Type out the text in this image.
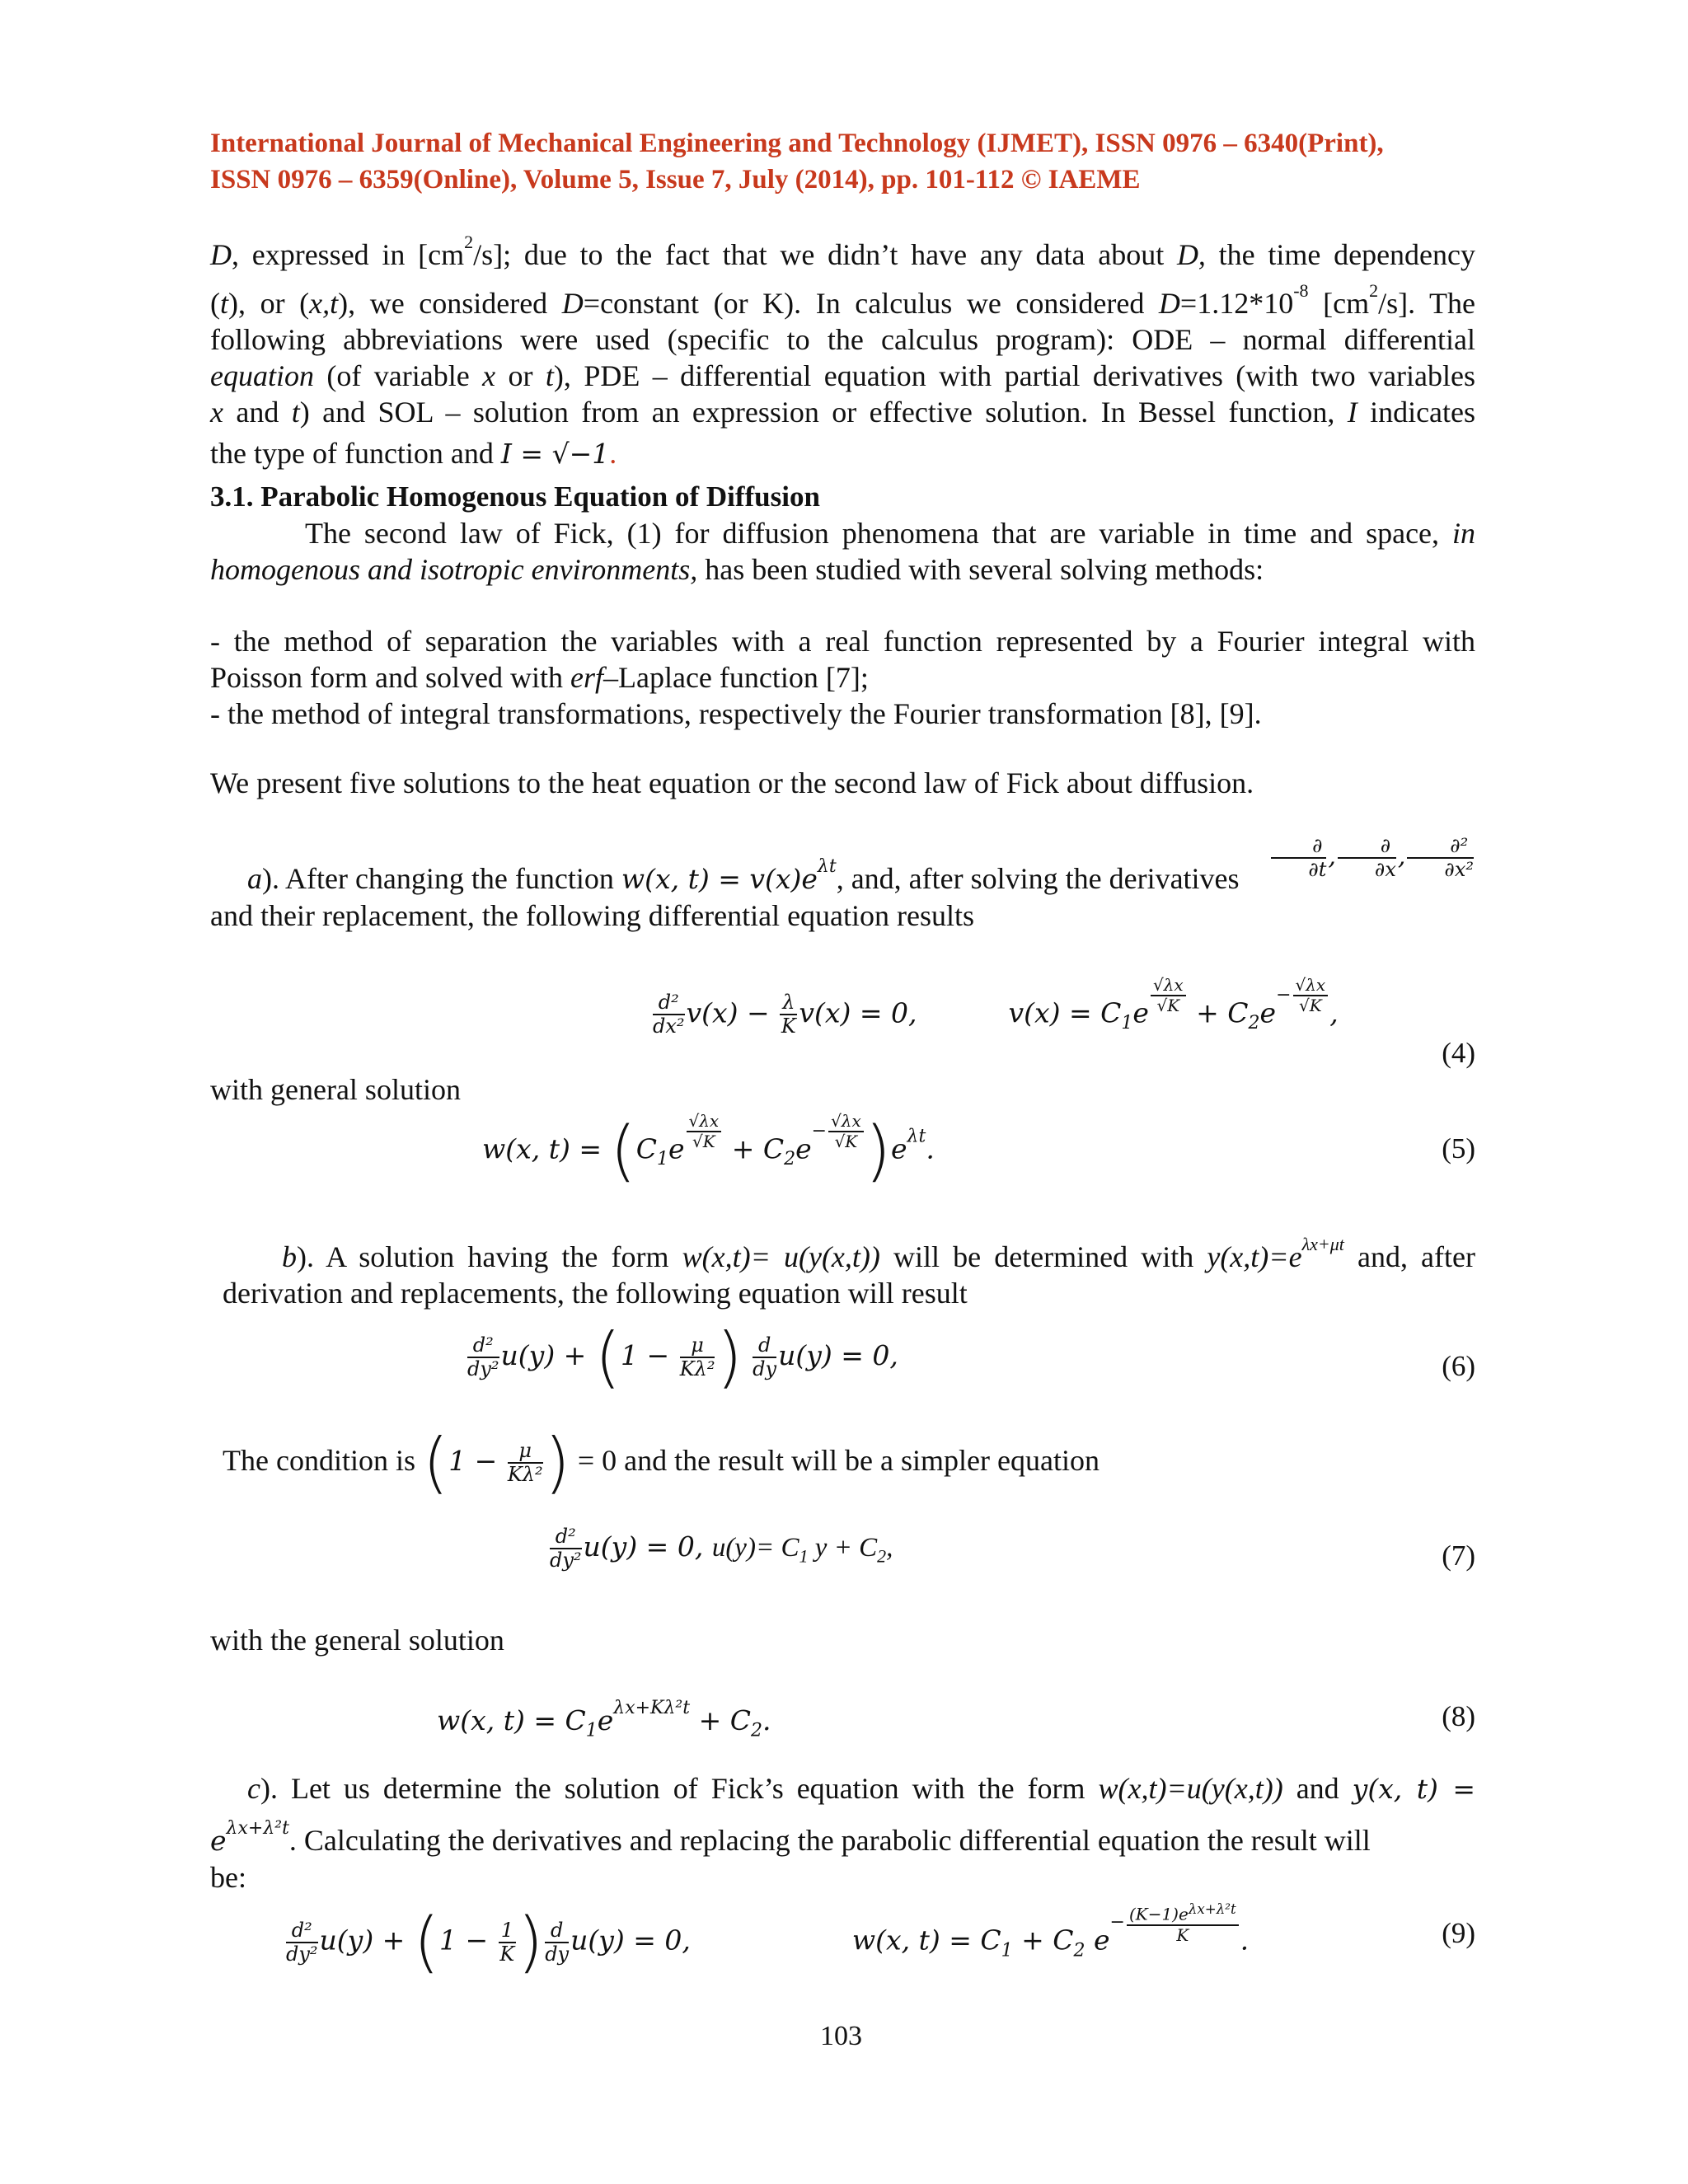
International Journal of Mechanical Engineering and Technology (IJMET), ISSN 0976 – 6340(Print),
ISSN 0976 – 6359(Online), Volume 5, Issue 7, July (2014), pp. 101-112 © IAEME

D, expressed in $[cm^2/s]$; due to the fact that we didn’t have any data about D, the time dependency

(t), or (x,t), we considered D=constant (or K). In calculus we considered $D=1.12*10^{-8}$ $[cm^2/s]$. The

following abbreviations were used (specific to the calculus program): ODE – normal differential

equation (of variable x or t), PDE – differential equation with partial derivatives (with two variables

x and t) and SOL – solution from an expression or effective solution. In Bessel function, I indicates

the type of function and I = √−1.

3.1. Parabolic Homogenous Equation of Diffusion

The second law of Fick, (1) for diffusion phenomena that are variable in time and space, in

homogenous and isotropic environments, has been studied with several solving methods:

- the method of separation the variables with a real function represented by a Fourier integral with

Poisson form and solved with erf–Laplace function [7];

- the method of integral transformations, respectively the Fourier transformation [8], [9].

We present five solutions to the heat equation or the second law of Fick about diffusion.

a). After changing the function w(x, $t) = v(x)e^{\lambda t}$, and, after solving the derivatives $\frac{\partial}{\partial t}$ , $\frac{\partial}{\partial x}$ , $\frac{\text{∂²}}{\text{∂x²}}$

and their replacement, the following differential equation results

$\frac{\text{d²}}{\text{dx²}} v(x) - \frac{\lambda}{K} v(x) = 0$,	$v(x) = C_1e$ $^{\frac{√\lambda x}{√K}} + C_2e^{- \frac{√\lambda x}{√K}}$ ,
(4)
with general solution
w(x, $t) = (C_1e$ $^{\frac{√\lambda x}{√K}} + C_2e^{- \frac{√\lambda x}{√K}}$ )$e^{\lambda t}$.	(5)

b). A solution having the form w(x,t)= u(y(x,t)) will be determined with $y(x,t)=e^{\lambda x+\mu t}$ and, after

derivation and replacements, the following equation will result

$\frac{\text{d²}}{\text{dy²}} u(y) + (1 - \frac{\mu}{\text{Kλ²}}$ ) $\frac{d}{dy} u(y) = 0$,	(6)
The condition is ($1 - \frac{\mu}{\text{Kλ²}}$ ) = 0 and the result will be a simpler equation
$\frac{\text{d²}}{\text{dy²}} u(y) = 0$, $u(y)= C_1$ $y + C_2$,	(7)
with the general solution
w(x, $t) = C_1e^{\lambda x+K\lambda^2t} + C_2$.	(8)

c). Let us determine the solution of Fick’s equation with the form w(x,t)=u(y(x,t)) and y(x, t) =

$e^{\lambda x+\lambda^2t}$. Calculating the derivatives and replacing the parabolic differential equation the result will

be:

$\frac{\text{d²}}{\text{dy²}} u(y) + (1 - \frac{1}{K}$ ) $\frac{d}{dy} u(y) = 0$,	w(x, $t) = C_1 + C_2$ $e^{- \frac{(K-1)e^{\lambda x+\lambda^2t}}{K}}$ .	(9)
103
